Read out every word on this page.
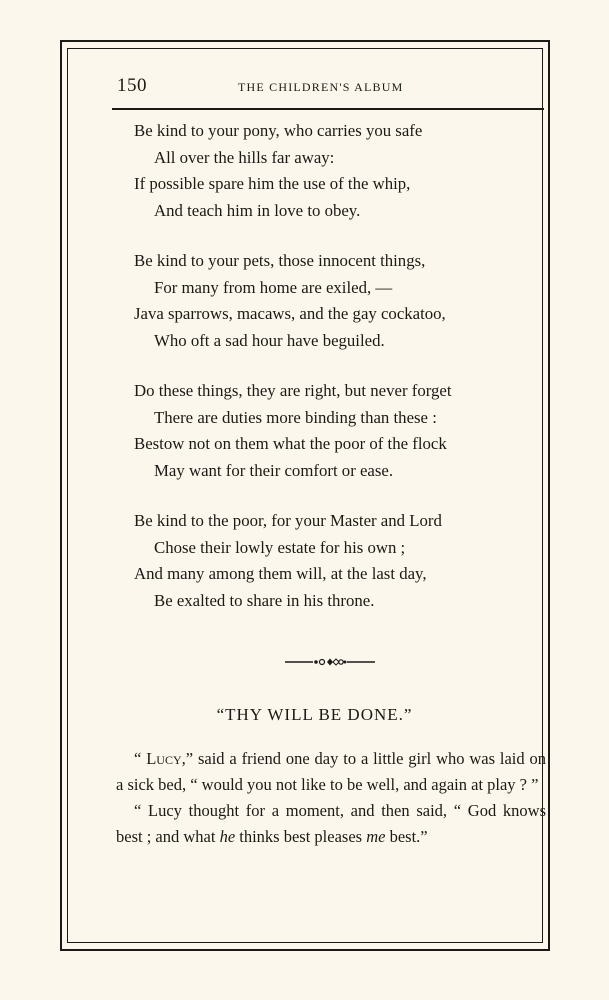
150	THE CHILDREN'S ALBUM
Be kind to your pony, who carries you safe
All over the hills far away:
If possible spare him the use of the whip,
And teach him in love to obey.
Be kind to your pets, those innocent things,
For many from home are exiled, —
Java sparrows, macaws, and the gay cockatoo,
Who oft a sad hour have beguiled.
Do these things, they are right, but never forget
There are duties more binding than these :
Bestow not on them what the poor of the flock
May want for their comfort or ease.
Be kind to the poor, for your Master and Lord
Chose their lowly estate for his own ;
And many among them will, at the last day,
Be exalted to share in his throne.
“THY WILL BE DONE.”

“ Lucy,” said a friend one day to a little girl who was laid on a sick bed, “ would you not like to be well, and again at play ? ”

“ Lucy thought for a moment, and then said, “ God knows best ; and what he thinks best pleases me best.”
